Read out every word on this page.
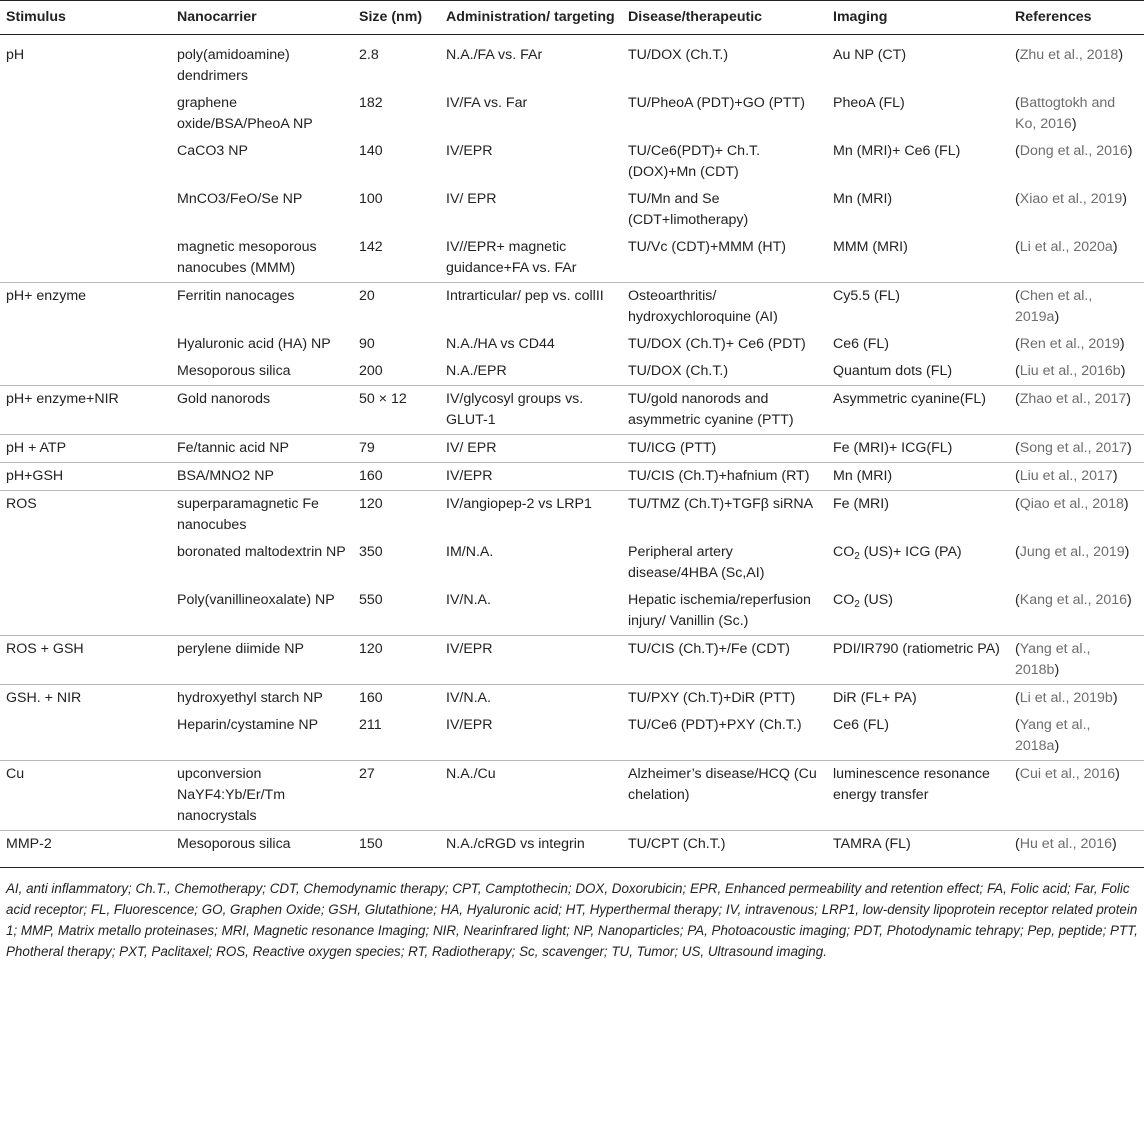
Stimulus	Nanocarrier	Size (nm)	Administration/ targeting	Disease/therapeutic	Imaging	References
pH	poly(amidoamine) dendrimers	2.8	N.A./FA vs. FAr	TU/DOX (Ch.T.)	Au NP (CT)	(Zhu et al., 2018)
	graphene oxide/BSA/PheoA NP	182	IV/FA vs. Far	TU/PheoA (PDT)+GO (PTT)	PheoA (FL)	(Battogtokh and Ko, 2016)
	CaCO3 NP	140	IV/EPR	TU/Ce6(PDT)+ Ch.T. (DOX)+Mn (CDT)	Mn (MRI)+ Ce6 (FL)	(Dong et al., 2016)
	MnCO3/FeO/Se NP	100	IV/ EPR	TU/Mn and Se (CDT+limotherapy)	Mn (MRI)	(Xiao et al., 2019)
	magnetic mesoporous nanocubes (MMM)	142	IV//EPR+ magnetic guidance+FA vs. FAr	TU/Vc (CDT)+MMM (HT)	MMM (MRI)	(Li et al., 2020a)
pH+ enzyme	Ferritin nanocages	20	Intrarticular/ pep vs. collII	Osteoarthritis/ hydroxychloroquine (AI)	Cy5.5 (FL)	(Chen et al., 2019a)
	Hyaluronic acid (HA) NP	90	N.A./HA vs CD44	TU/DOX (Ch.T)+ Ce6 (PDT)	Ce6 (FL)	(Ren et al., 2019)
	Mesoporous silica	200	N.A./EPR	TU/DOX (Ch.T.)	Quantum dots (FL)	(Liu et al., 2016b)
pH+ enzyme+NIR	Gold nanorods	50 × 12	IV/glycosyl groups vs. GLUT-1	TU/gold nanorods and asymmetric cyanine (PTT)	Asymmetric cyanine(FL)	(Zhao et al., 2017)
pH + ATP	Fe/tannic acid NP	79	IV/ EPR	TU/ICG (PTT)	Fe (MRI)+ ICG(FL)	(Song et al., 2017)
pH+GSH	BSA/MNO2 NP	160	IV/EPR	TU/CIS (Ch.T)+hafnium (RT)	Mn (MRI)	(Liu et al., 2017)
ROS	superparamagnetic Fe nanocubes	120	IV/angiopep-2 vs LRP1	TU/TMZ (Ch.T)+TGFβ siRNA	Fe (MRI)	(Qiao et al., 2018)
	boronated maltodextrin NP	350	IM/N.A.	Peripheral artery disease/4HBA (Sc,AI)	$CO_2$ (US)+ ICG (PA)	(Jung et al., 2019)
	Poly(vanillineoxalate) NP	550	IV/N.A.	Hepatic ischemia/reperfusion injury/ Vanillin (Sc.)	$CO_2$ (US)	(Kang et al., 2016)
ROS + GSH	perylene diimide NP	120	IV/EPR	TU/CIS (Ch.T)+/Fe (CDT)	PDI/IR790 (ratiometric PA)	(Yang et al., 2018b)
GSH. + NIR	hydroxyethyl starch NP	160	IV/N.A.	TU/PXY (Ch.T)+DiR (PTT)	DiR (FL+ PA)	(Li et al., 2019b)
	Heparin/cystamine NP	211	IV/EPR	TU/Ce6 (PDT)+PXY (Ch.T.)	Ce6 (FL)	(Yang et al., 2018a)
Cu	upconversion NaYF4:Yb/Er/Tm nanocrystals	27	N.A./Cu	Alzheimer’s disease/HCQ (Cu chelation)	luminescence resonance energy transfer	(Cui et al., 2016)
MMP-2	Mesoporous silica	150	N.A./cRGD vs integrin	TU/CPT (Ch.T.)	TAMRA (FL)	(Hu et al., 2016)
AI, anti inflammatory; Ch.T., Chemotherapy; CDT, Chemodynamic therapy; CPT, Camptothecin; DOX, Doxorubicin; EPR, Enhanced permeability and retention effect; FA, Folic acid; Far, Folic acid receptor; FL, Fluorescence; GO, Graphen Oxide; GSH, Glutathione; HA, Hyaluronic acid; HT, Hyperthermal therapy; IV, intravenous; LRP1, low-density lipoprotein receptor related protein 1; MMP, Matrix metallo proteinases; MRI, Magnetic resonance Imaging; NIR, Nearinfrared light; NP, Nanoparticles; PA, Photoacoustic imaging; PDT, Photodynamic tehrapy; Pep, peptide; PTT, Photheral therapy; PXT, Paclitaxel; ROS, Reactive oxygen species; RT, Radiotherapy; Sc, scavenger; TU, Tumor; US, Ultrasound imaging.
